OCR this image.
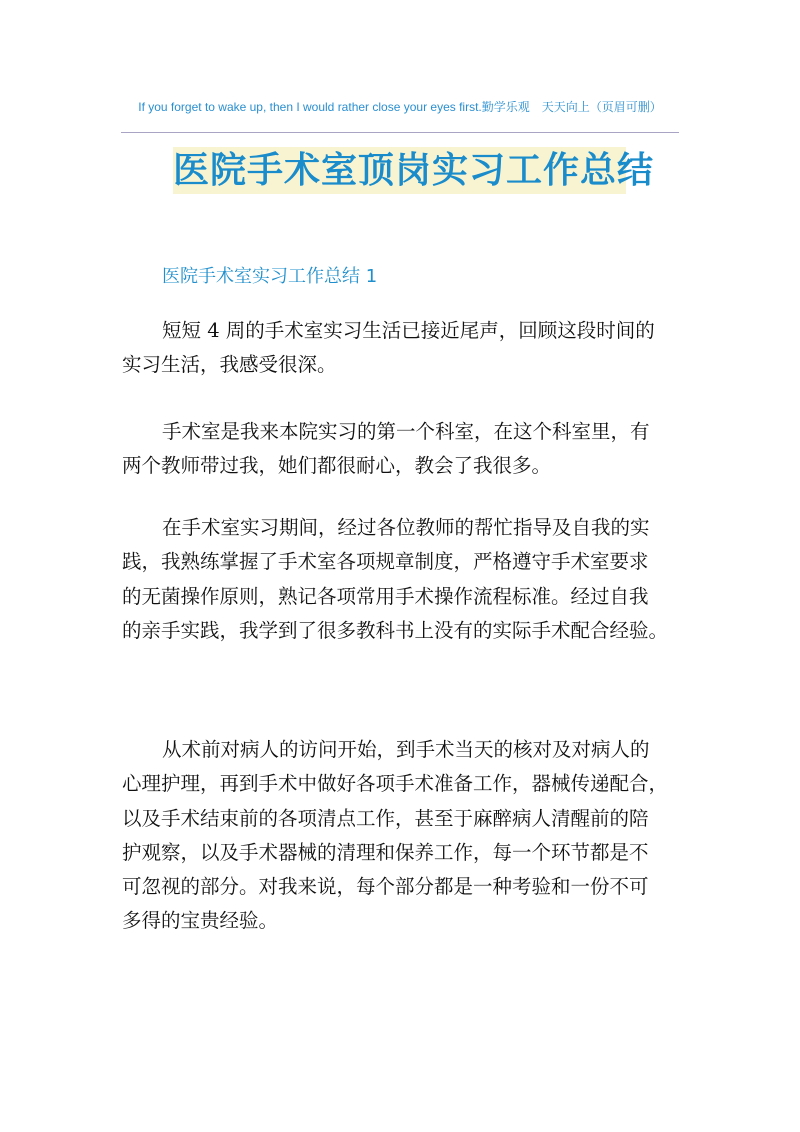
If you forget to wake up, then I would rather close your eyes first.勤学乐观　天天向上（页眉可删）
医院手术室顶岗实习工作总结
医院手术室实习工作总结 1
短短 4 周的手术室实习生活已接近尾声，回顾这段时间的
实习生活，我感受很深。
手术室是我来本院实习的第一个科室，在这个科室里，有
两个教师带过我，她们都很耐心，教会了我很多。
在手术室实习期间，经过各位教师的帮忙指导及自我的实
践，我熟练掌握了手术室各项规章制度，严格遵守手术室要求
的无菌操作原则，熟记各项常用手术操作流程标准。经过自我
的亲手实践，我学到了很多教科书上没有的实际手术配合经验。
从术前对病人的访问开始，到手术当天的核对及对病人的
心理护理，再到手术中做好各项手术准备工作，器械传递配合，
以及手术结束前的各项清点工作，甚至于麻醉病人清醒前的陪
护观察，以及手术器械的清理和保养工作，每一个环节都是不
可忽视的部分。对我来说，每个部分都是一种考验和一份不可
多得的宝贵经验。
